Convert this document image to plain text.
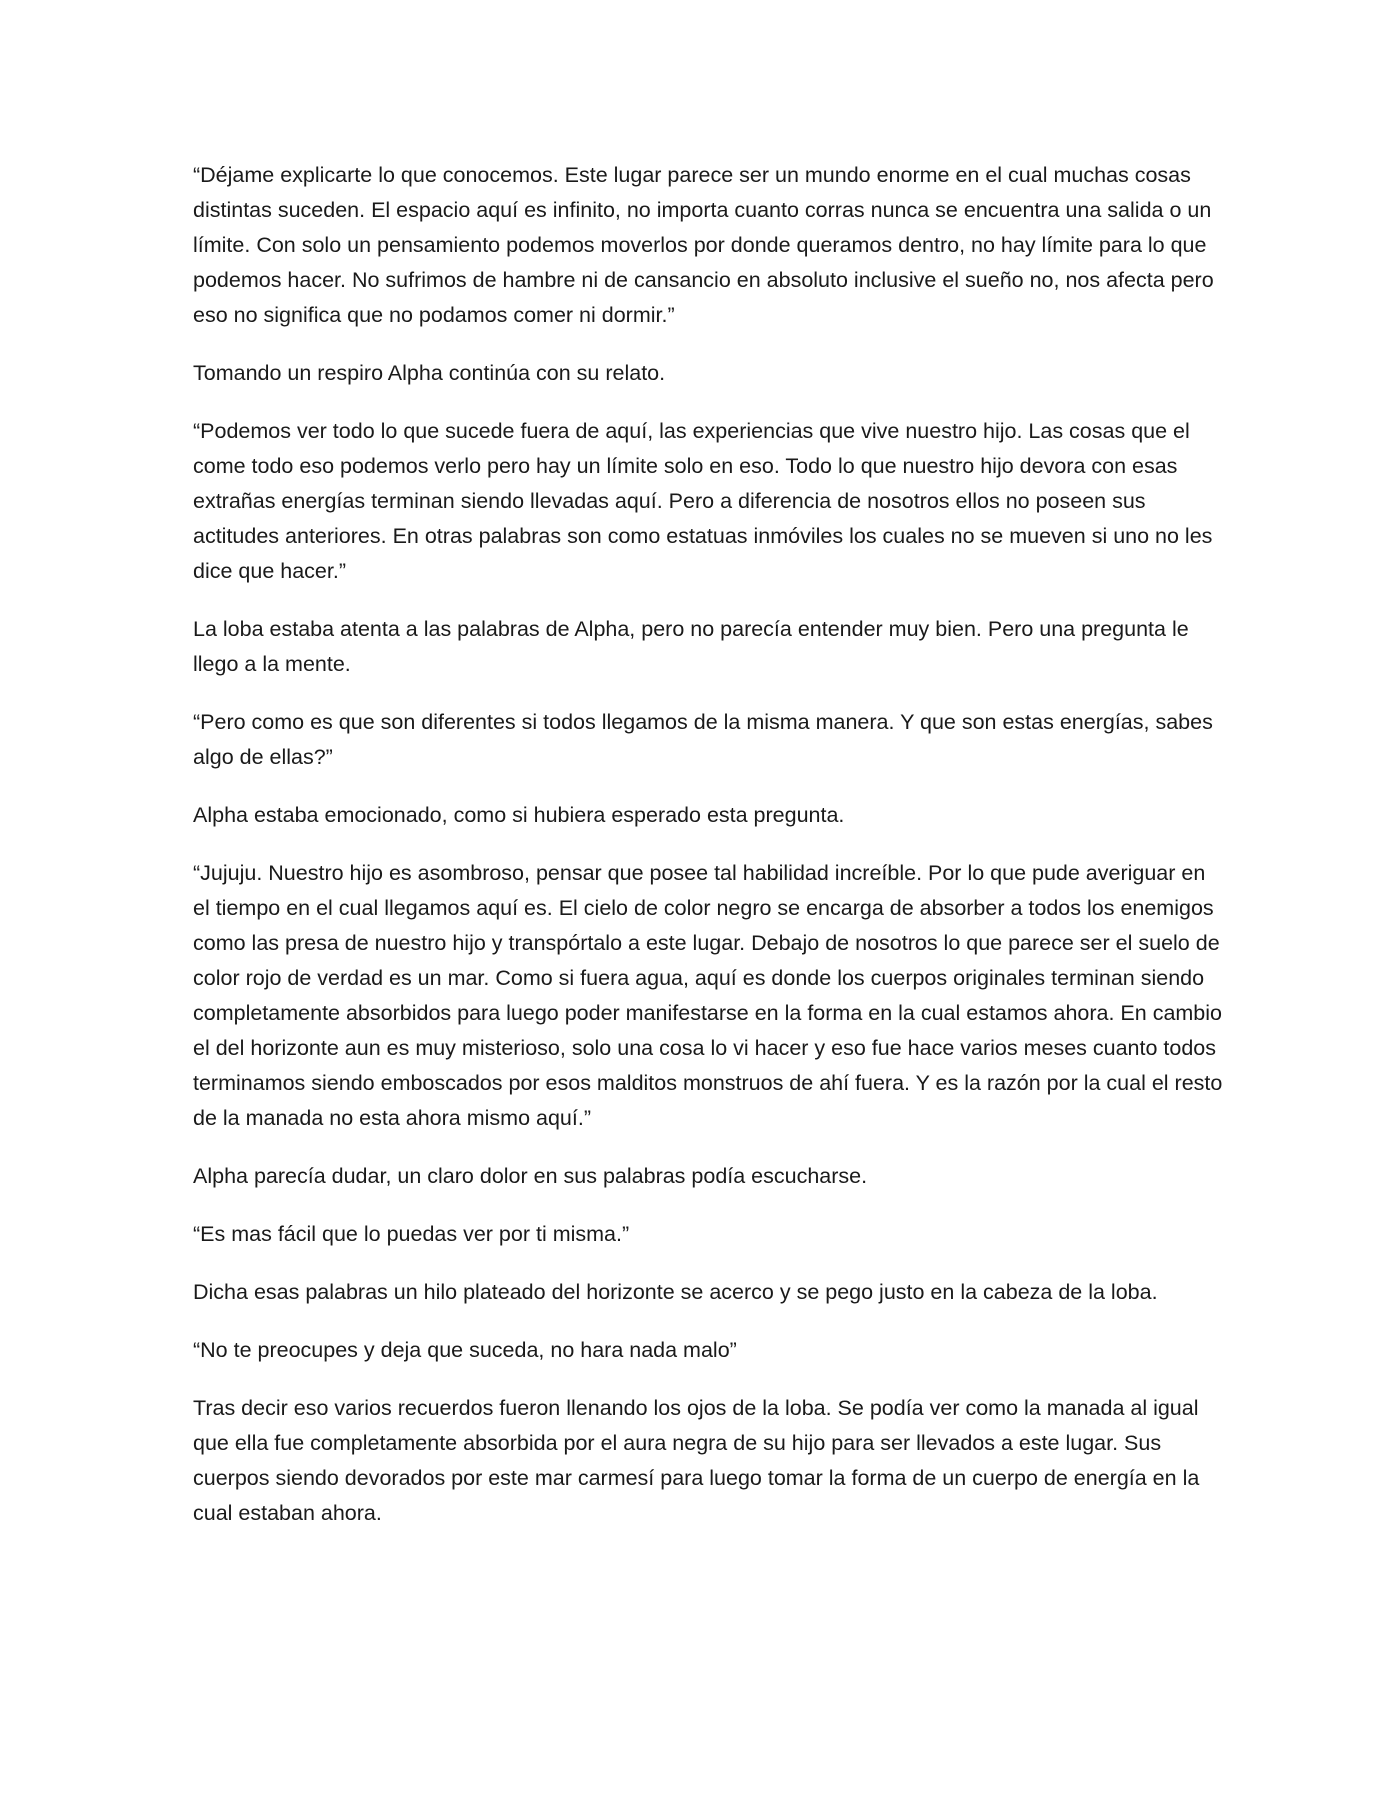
“Déjame explicarte lo que conocemos. Este lugar parece ser un mundo enorme en el cual muchas cosas distintas suceden. El espacio aquí es infinito, no importa cuanto corras nunca se encuentra una salida o un límite. Con solo un pensamiento podemos moverlos por donde queramos dentro, no hay límite para lo que podemos hacer. No sufrimos de hambre ni de cansancio en absoluto inclusive el sueño no, nos afecta pero eso no significa que no podamos comer ni dormir.”

Tomando un respiro Alpha continúa con su relato.

“Podemos ver todo lo que sucede fuera de aquí, las experiencias que vive nuestro hijo. Las cosas que el come todo eso podemos verlo pero hay un límite solo en eso. Todo lo que nuestro hijo devora con esas extrañas energías terminan siendo llevadas aquí. Pero a diferencia de nosotros ellos no poseen sus actitudes anteriores. En otras palabras son como estatuas inmóviles los cuales no se mueven si uno no les dice que hacer.”

La loba estaba atenta a las palabras de Alpha, pero no parecía entender muy bien. Pero una pregunta le llego a la mente.

“Pero como es que son diferentes si todos llegamos de la misma manera. Y que son estas energías, sabes algo de ellas?”

Alpha estaba emocionado, como si hubiera esperado esta pregunta.

“Jujuju. Nuestro hijo es asombroso, pensar que posee tal habilidad increíble. Por lo que pude averiguar en el tiempo en el cual llegamos aquí es. El cielo de color negro se encarga de absorber a todos los enemigos como las presa de nuestro hijo y transpórtalo a este lugar. Debajo de nosotros lo que parece ser el suelo de color rojo de verdad es un mar. Como si fuera agua, aquí es donde los cuerpos originales terminan siendo completamente absorbidos para luego poder manifestarse en la forma en la cual estamos ahora. En cambio el del horizonte aun es muy misterioso, solo una cosa lo vi hacer y eso fue hace varios meses cuanto todos terminamos siendo emboscados por esos malditos monstruos de ahí fuera. Y es la razón por la cual el resto de la manada no esta ahora mismo aquí.”

Alpha parecía dudar, un claro dolor en sus palabras podía escucharse.

“Es mas fácil que lo puedas ver por ti misma.”

Dicha esas palabras un hilo plateado del horizonte se acerco y se pego justo en la cabeza de la loba.

“No te preocupes y deja que suceda, no hara nada malo”

Tras decir eso varios recuerdos fueron llenando los ojos de la loba. Se podía ver como la manada al igual que ella fue completamente absorbida por el aura negra de su hijo para ser llevados a este lugar. Sus cuerpos siendo devorados por este mar carmesí para luego tomar la forma de un cuerpo de energía en la cual estaban ahora.
